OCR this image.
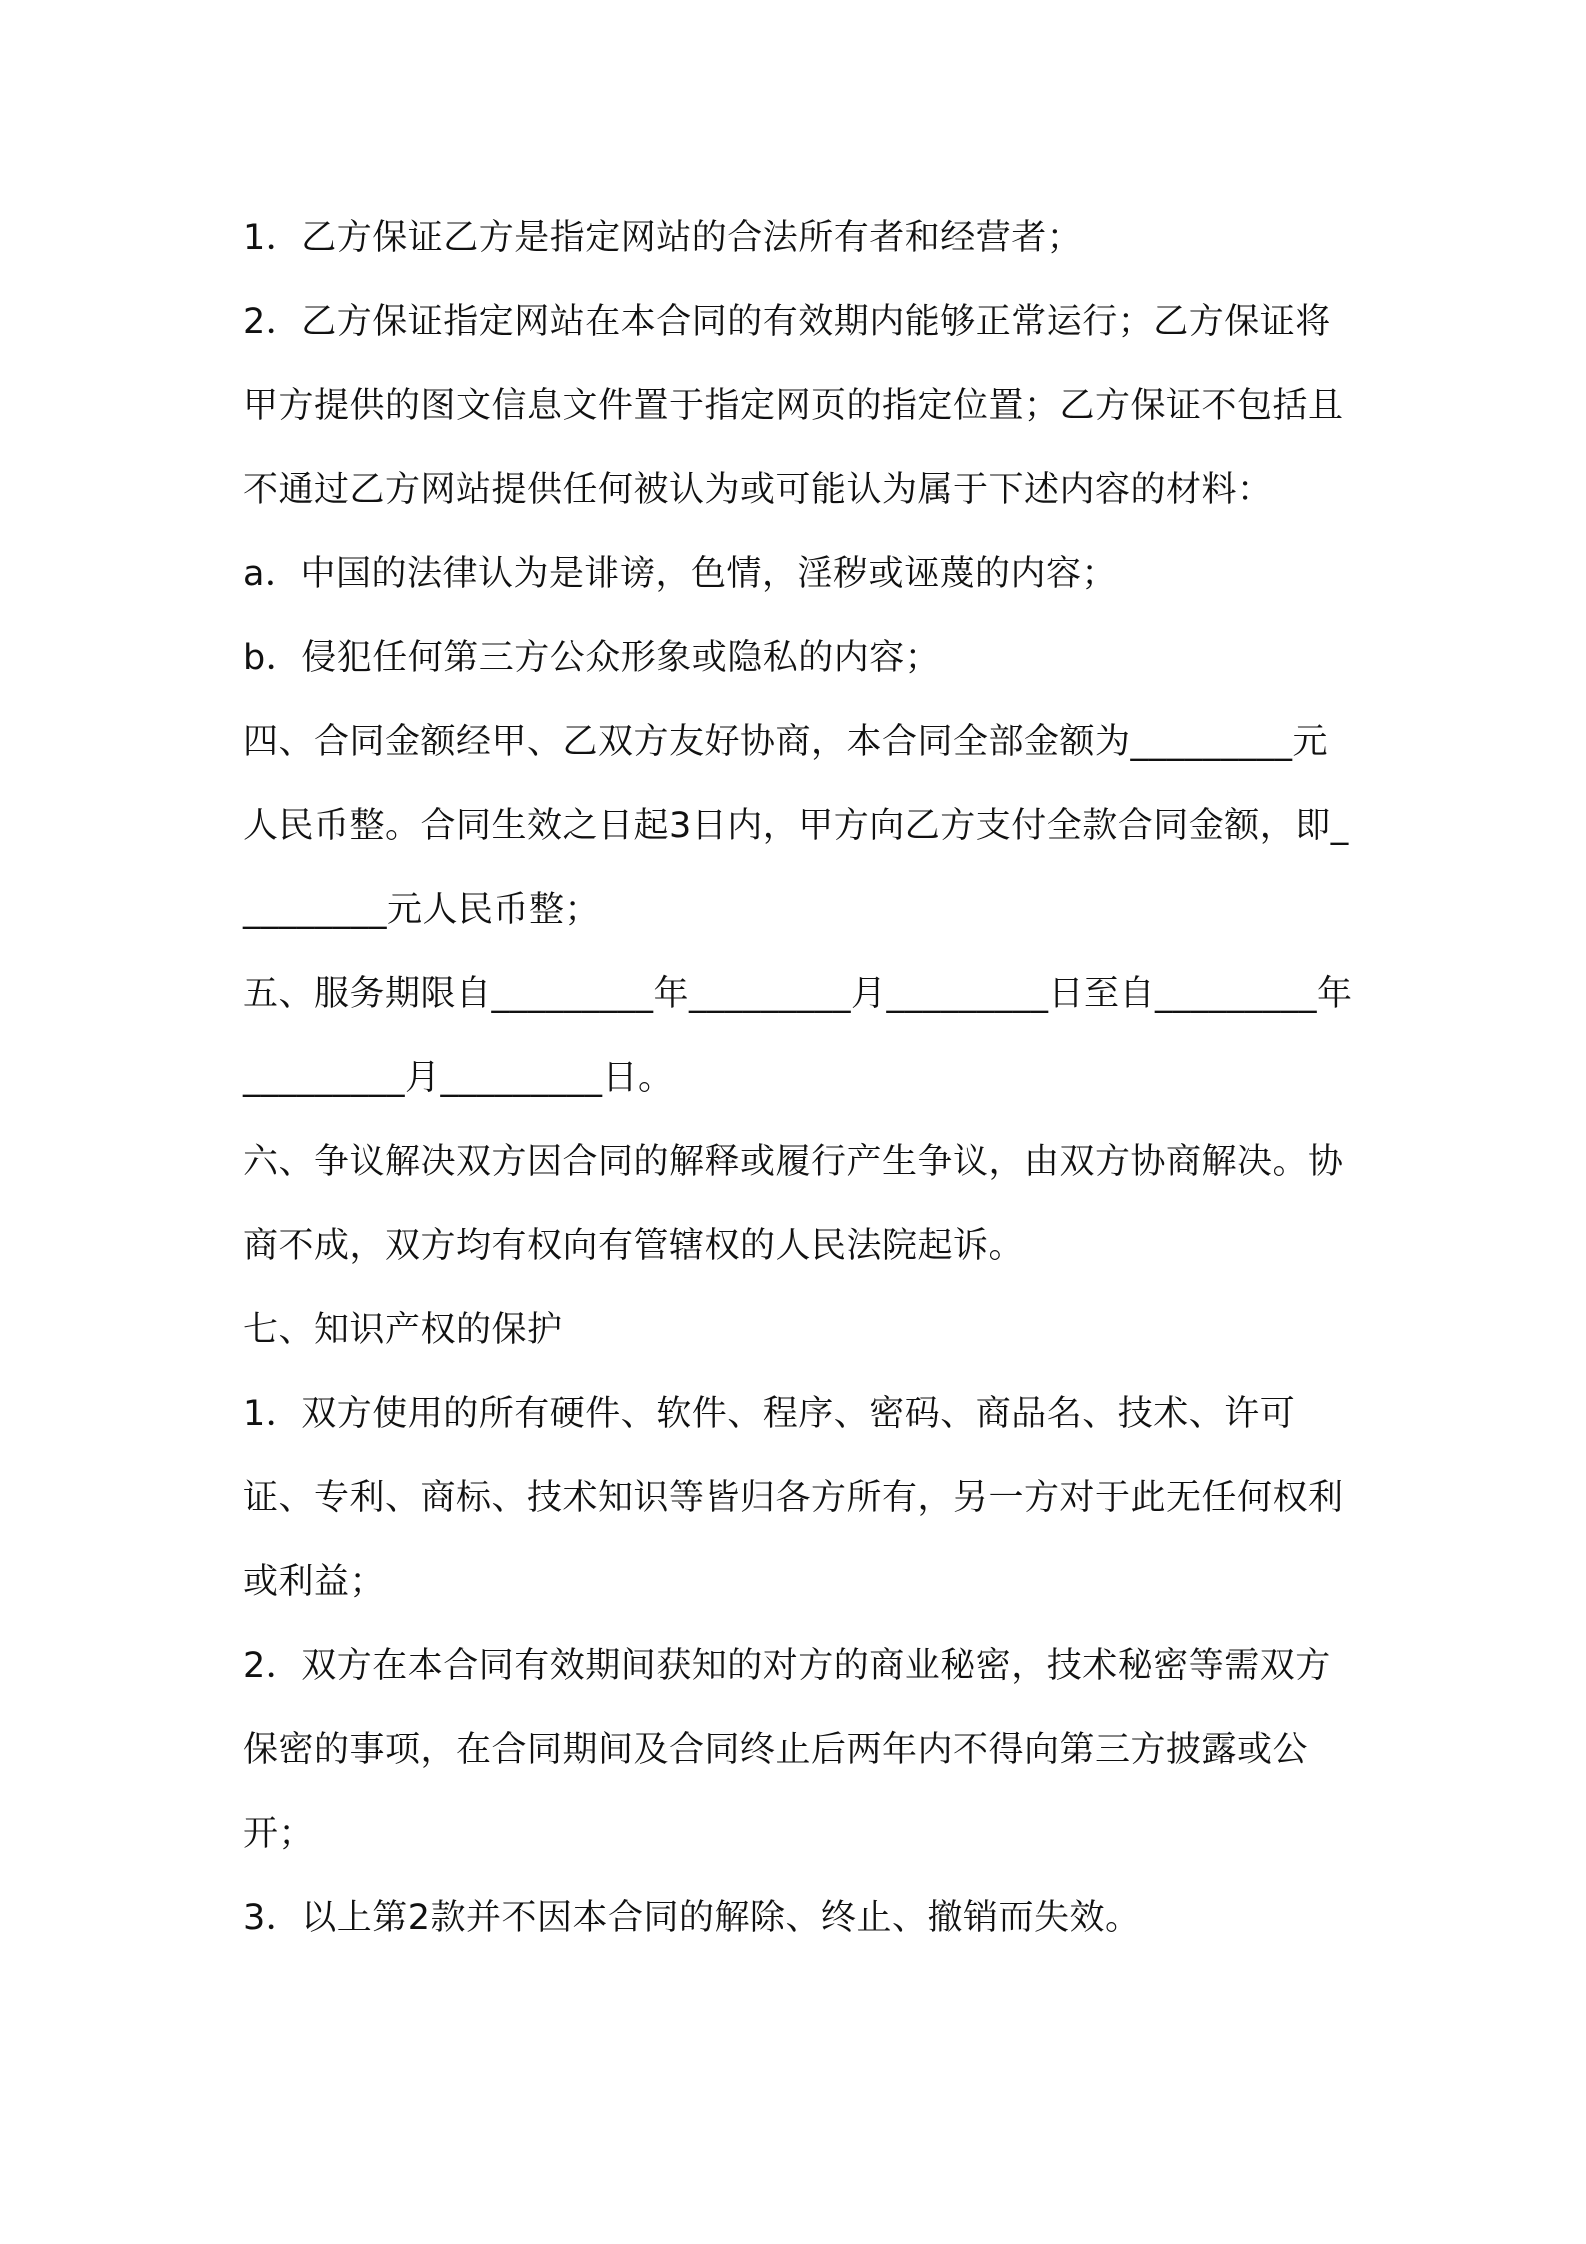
1．乙方保证乙方是指定网站的合法所有者和经营者；

2．乙方保证指定网站在本合同的有效期内能够正常运行；乙方保证将甲方提供的图文信息文件置于指定网页的指定位置；乙方保证不包括且不通过乙方网站提供任何被认为或可能认为属于下述内容的材料：

a．中国的法律认为是诽谤，色情，淫秽或诬蔑的内容；

b．侵犯任何第三方公众形象或隐私的内容；

四、合同金额经甲、乙双方友好协商，本合同全部金额为_________元人民币整。合同生效之日起3日内，甲方向乙方支付全款合同金额，即_________元人民币整；

五、服务期限自_________年_________月_________日至自_________年_________月_________日。

六、争议解决双方因合同的解释或履行产生争议，由双方协商解决。协商不成，双方均有权向有管辖权的人民法院起诉。

七、知识产权的保护

1．双方使用的所有硬件、软件、程序、密码、商品名、技术、许可证、专利、商标、技术知识等皆归各方所有，另一方对于此无任何权利或利益；

2．双方在本合同有效期间获知的对方的商业秘密，技术秘密等需双方保密的事项，在合同期间及合同终止后两年内不得向第三方披露或公开；

3．以上第2款并不因本合同的解除、终止、撤销而失效。
